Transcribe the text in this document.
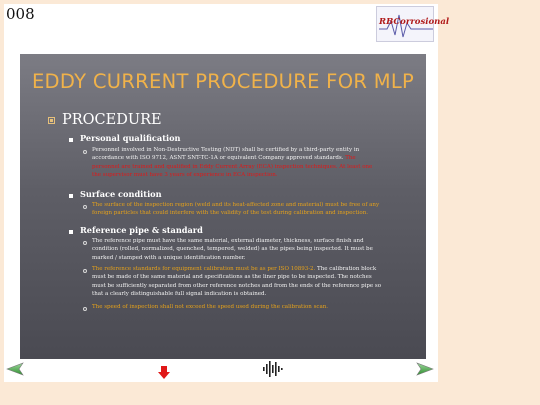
008	RBCorrosional
EDDY CURRENT PROCEDURE FOR MLP
PROCEDURE
Personal qualification
Personnel involved in Non-Destructive Testing (NDT) shall be certified by a third-party entity in
accordance with ISO 9712, ASNT SNT-TC-1A or equivalent Company approved standards. The
personnel are trained and qualified in Eddy Current Array (ECA) inspection techniques. At least one
the supervisor must have 3 years of experience in ECA inspection.
Surface condition
The surface of the inspection region (weld and its heat-affected zone and material) must be free of any
foreign particles that could interfere with the validity of the test during calibration and inspection.
Reference pipe & standard
The reference pipe must have the same material, external diameter, thickness, surface finish and
condition (rolled, normalized, quenched, tempered, welded) as the pipes being inspected. It must be
marked / stamped with a unique identification number.
The reference standards for equipment calibration must be as per ISO 10893-2. The calibration block
must be made of the same material and specifications as the liner pipe to be inspected. The notches
must be sufficiently separated from other reference notches and from the ends of the reference pipe so
that a clearly distinguishable full signal indication is obtained.
The speed of inspection shall not exceed the speed used during the calibration scan.
